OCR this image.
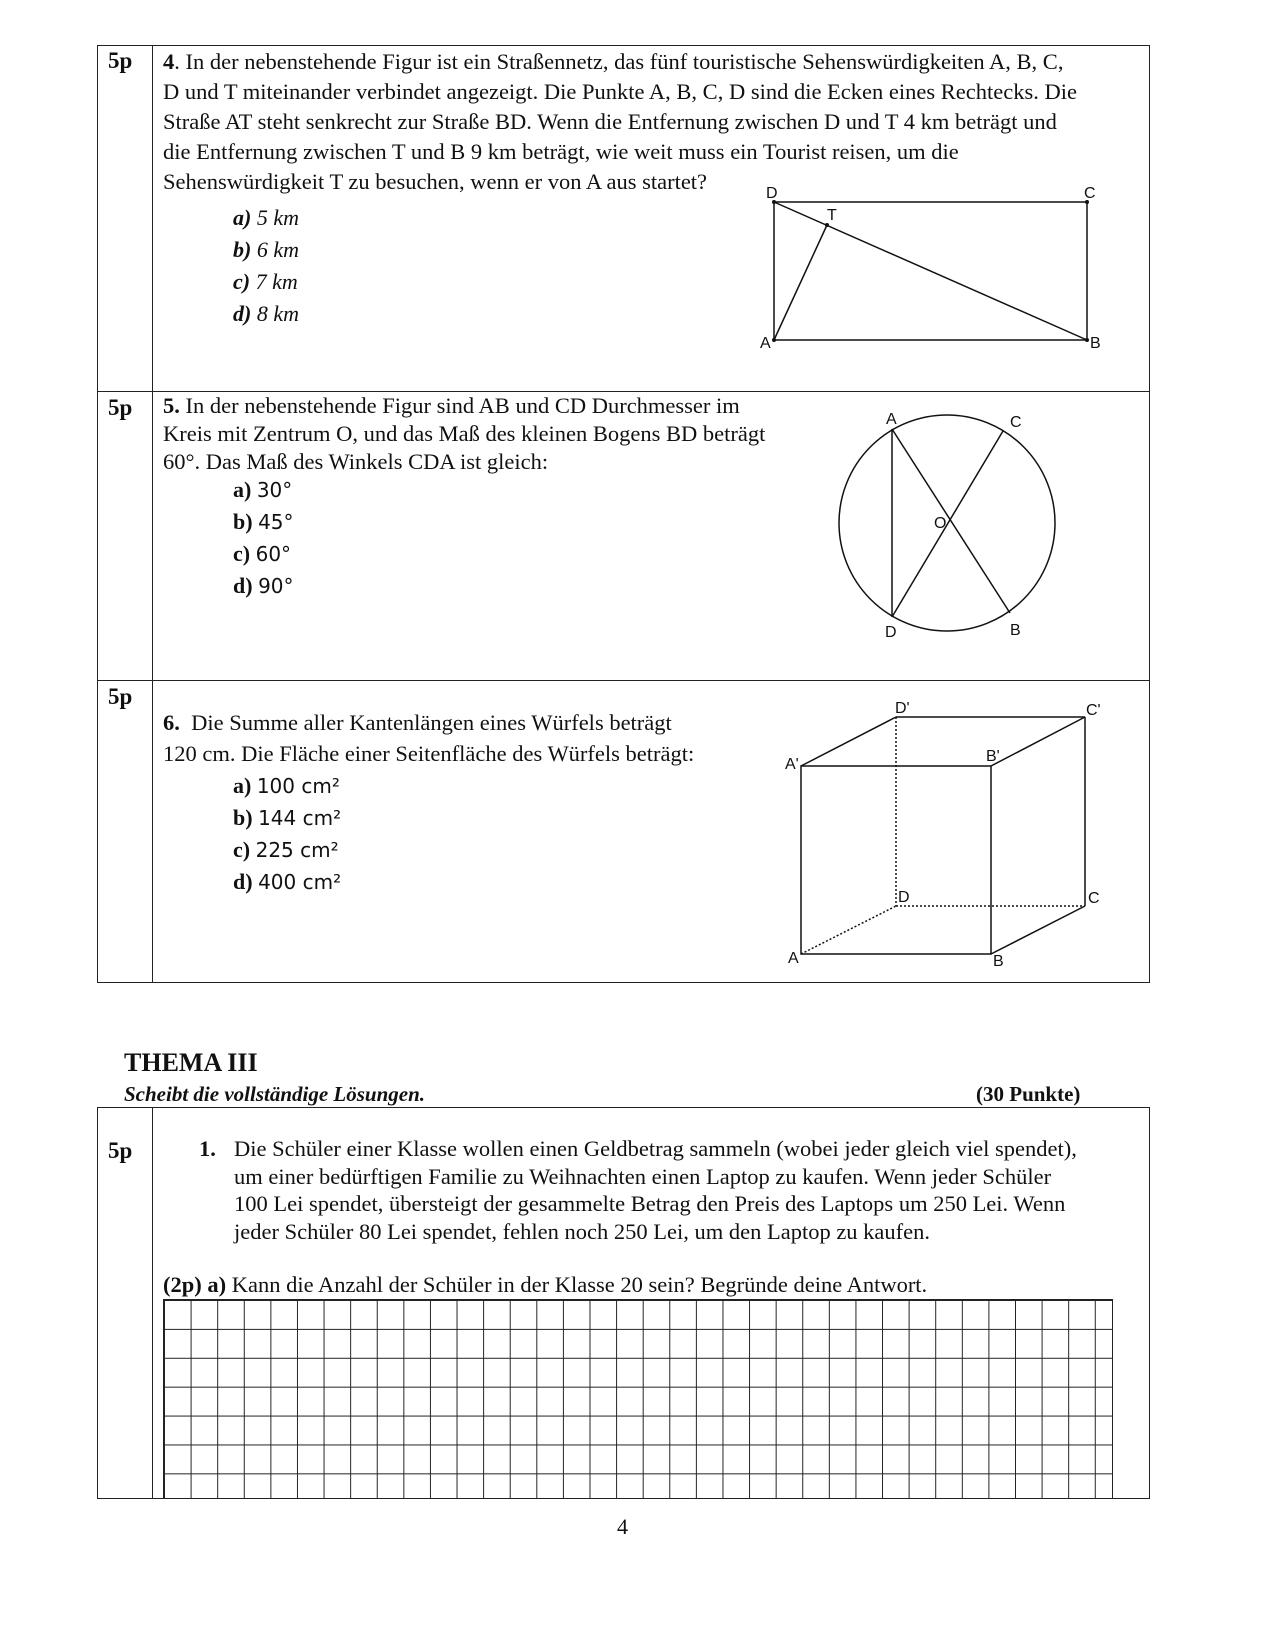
5p 4. In der nebenstehende Figur ist ein Straßennetz, das fünf touristische Sehenswürdigkeiten A, B, C,
D und T miteinander verbindet angezeigt. Die Punkte A, B, C, D sind die Ecken eines Rechtecks. Die
Straße AT steht senkrecht zur Straße BD. Wenn die Entfernung zwischen D und T 4 km beträgt und
die Entfernung zwischen T und B 9 km beträgt, wie weit muss ein Tourist reisen, um die
Sehenswürdigkeit T zu besuchen, wenn er von A aus startet?
a) 5 km
b) 6 km
c) 7 km
d) 8 km
D	C
T
A	B
5p 5. In der nebenstehende Figur sind AB und CD Durchmesser im
Kreis mit Zentrum O, und das Maß des kleinen Bogens BD beträgt
60°. Das Maß des Winkels CDA ist gleich:
a) 30°
b) 45°
c) 60°
d) 90°
A	C
O
D	B
5p
6. Die Summe aller Kantenlängen eines Würfels beträgt
120 cm. Die Fläche einer Seitenfläche des Würfels beträgt:
a) 100 cm²
b) 144 cm²
c) 225 cm²
d) 400 cm²
D'	C'
A'	B'
D	C
A	B
THEMA III
Scheibt die vollständige Lösungen.	(30 Punkte)
5p	1. Die Schüler einer Klasse wollen einen Geldbetrag sammeln (wobei jeder gleich viel spendet),
um einer bedürftigen Familie zu Weihnachten einen Laptop zu kaufen. Wenn jeder Schüler
100 Lei spendet, übersteigt der gesammelte Betrag den Preis des Laptops um 250 Lei. Wenn
jeder Schüler 80 Lei spendet, fehlen noch 250 Lei, um den Laptop zu kaufen.
(2p) a) Kann die Anzahl der Schüler in der Klasse 20 sein? Begründe deine Antwort.
4
